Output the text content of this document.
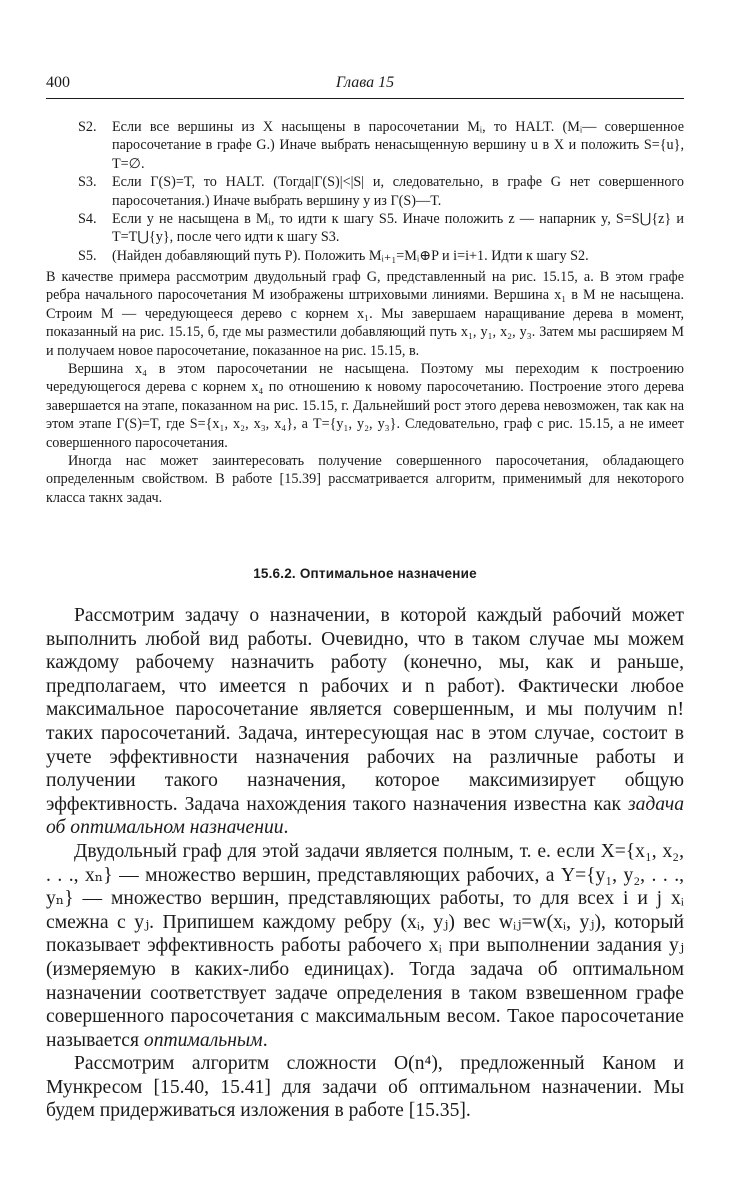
400	Глава 15
S2.	Если все вершины из X насыщены в паросочетании Mᵢ, то HALT. (Mᵢ— совершенное паросочетание в графе G.) Иначе выбрать ненасыщенную вершину u в X и положить S={u}, T=∅.
S3.	Если Γ(S)=T, то HALT. (Тогда|Γ(S)|<|S| и, следовательно, в графе G нет совершенного паросочетания.) Иначе выбрать вершину y из Γ(S)—T.
S4.	Если y не насыщена в Mᵢ, то идти к шагу S5. Иначе положить z — напарник y, S=S⋃{z} и T=T⋃{y}, после чего идти к шагу S3.
S5.	(Найден добавляющий путь P). Положить Mᵢ₊₁=Mᵢ⊕P и i=i+1. Идти к шагу S2.

В качестве примера рассмотрим двудольный граф G, представленный на рис. 15.15, а. В этом графе ребра начального паросочетания M изображены штриховыми линиями. Вершина x₁ в M не насыщена. Строим M — чередующееся дерево с корнем x₁. Мы завершаем наращивание дерева в момент, показанный на рис. 15.15, б, где мы разместили добавляющий путь x₁, y₁, x₂, y₃. Затем мы расширяем M и получаем новое паросочетание, показанное на рис. 15.15, в.

Вершина x₄ в этом паросочетании не насыщена. Поэтому мы переходим к построению чередующегося дерева с корнем x₄ по отношению к новому паросочетанию. Построение этого дерева завершается на этапе, показанном на рис. 15.15, г. Дальнейший рост этого дерева невозможен, так как на этом этапе Γ(S)=T, где S={x₁, x₂, x₃, x₄}, а T={y₁, y₂, y₃}. Следовательно, граф с рис. 15.15, а не имеет совершенного паросочетания.

Иногда нас может заинтересовать получение совершенного паросочетания, обладающего определенным свойством. В работе [15.39] рассматривается алгоритм, применимый для некоторого класса такнх задач.

15.6.2. Оптимальное назначение

Рассмотрим задачу о назначении, в которой каждый рабочий может выполнить любой вид работы. Очевидно, что в таком случае мы можем каждому рабочему назначить работу (конечно, мы, как и раньше, предполагаем, что имеется n рабочих и n работ). Фактически любое максимальное паросочетание является совершенным, и мы получим n! таких паросочетаний. Задача, интересующая нас в этом случае, состоит в учете эффективности назначения рабочих на различные работы и получении такого назначения, которое максимизирует общую эффективность. Задача нахождения такого назначения известна как задача об оптимальном назначении.

Двудольный граф для этой задачи является полным, т. е. если X={x₁, x₂, . . ., xₙ} — множество вершин, представляющих рабочих, а Y={y₁, y₂, . . ., yₙ} — множество вершин, представляющих работы, то для всех i и j xᵢ смежна с yⱼ. Припишем каждому ребру (xᵢ, yⱼ) вес wᵢⱼ=w(xᵢ, yⱼ), который показывает эффективность работы рабочего xᵢ при выполнении задания yⱼ (измеряемую в каких-либо единицах). Тогда задача об оптимальном назначении соответствует задаче определения в таком взвешенном графе совершенного паросочетания с максимальным весом. Такое паросочетание называется оптимальным.

Рассмотрим алгоритм сложности O(n⁴), предложенный Каном и Мункресом [15.40, 15.41] для задачи об оптимальном назначении. Мы будем придерживаться изложения в работе [15.35].
